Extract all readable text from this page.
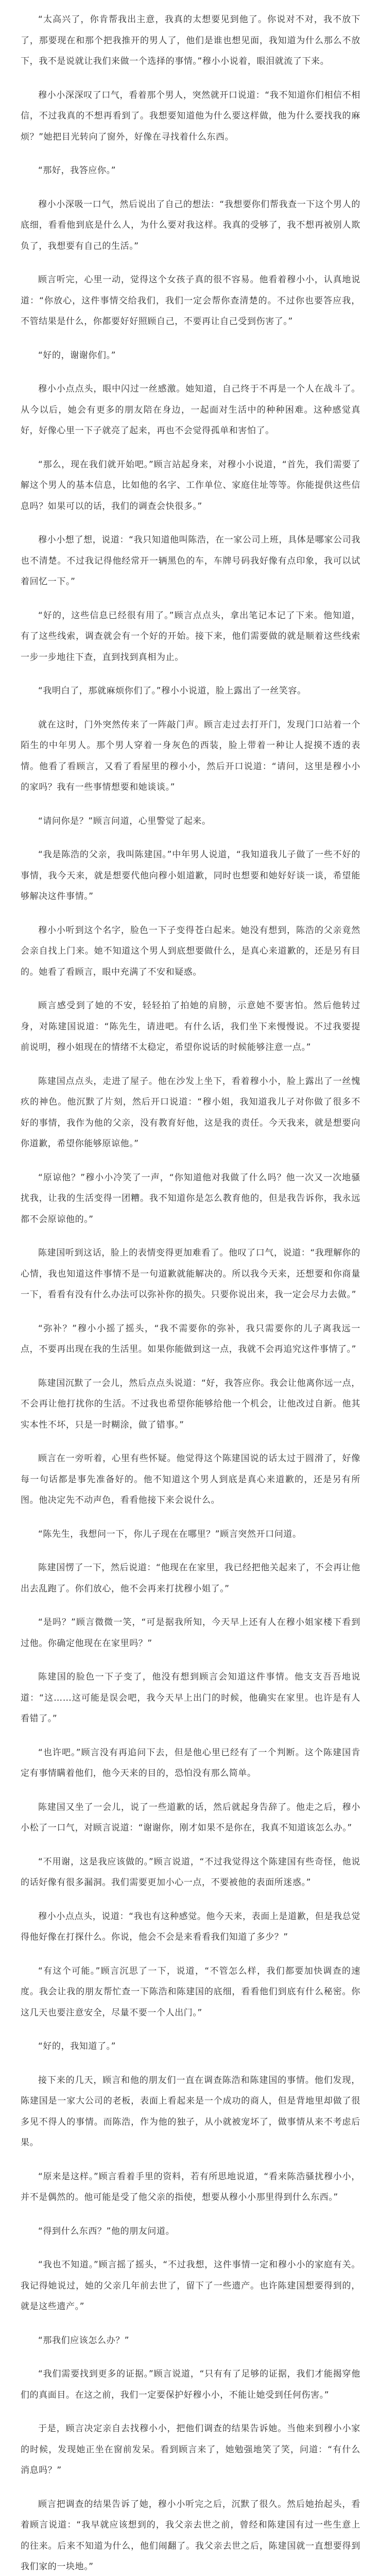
“太高兴了，你肯帮我出主意，我真的太想要见到他了。你说对不对，我不放下了，那要现在和那个把我推开的男人了，他们是谁也想见面，我知道为什么那么不放下，我不是说就让我们来做一个选择的事情。”穆小小说着，眼泪就流了下来。

穆小小深深叹了口气，看着那个男人，突然就开口说道：“我不知道你们相信不相信，不过我真的不想再看到了。我想要知道他为什么要这样做，他为什么要找我的麻烦？”她把目光转向了窗外，好像在寻找着什么东西。

“那好，我答应你。”

穆小小深吸一口气，然后说出了自己的想法：“我想要你们帮我查一下这个男人的底细，看看他到底是什么人，为什么要对我这样。我真的受够了，我不想再被别人欺负了，我想要有自己的生活。”

顾言听完，心里一动，觉得这个女孩子真的很不容易。他看着穆小小，认真地说道：“你放心，这件事情交给我们，我们一定会帮你查清楚的。不过你也要答应我，不管结果是什么，你都要好好照顾自己，不要再让自己受到伤害了。”

“好的，谢谢你们。”

穆小小点点头，眼中闪过一丝感激。她知道，自己终于不再是一个人在战斗了。从今以后，她会有更多的朋友陪在身边，一起面对生活中的种种困难。这种感觉真好，好像心里一下子就亮了起来，再也不会觉得孤单和害怕了。

“那么，现在我们就开始吧。”顾言站起身来，对穆小小说道，“首先，我们需要了解这个男人的基本信息，比如他的名字、工作单位、家庭住址等等。你能提供这些信息吗？如果可以的话，我们的调查会快很多。”

穆小小想了想，说道：“我只知道他叫陈浩，在一家公司上班，具体是哪家公司我也不清楚。不过我记得他经常开一辆黑色的车，车牌号码我好像有点印象，我可以试着回忆一下。”

“好的，这些信息已经很有用了。”顾言点点头，拿出笔记本记了下来。他知道，有了这些线索，调查就会有一个好的开始。接下来，他们需要做的就是顺着这些线索一步一步地往下查，直到找到真相为止。

“我明白了，那就麻烦你们了。”穆小小说道，脸上露出了一丝笑容。

就在这时，门外突然传来了一阵敲门声。顾言走过去打开门，发现门口站着一个陌生的中年男人。那个男人穿着一身灰色的西装，脸上带着一种让人捉摸不透的表情。他看了看顾言，又看了看屋里的穆小小，然后开口说道：“请问，这里是穆小小的家吗？我有一些事情想要和她谈谈。”

“请问你是？”顾言问道，心里警觉了起来。

“我是陈浩的父亲，我叫陈建国。”中年男人说道，“我知道我儿子做了一些不好的事情，我今天来，就是想要代他向穆小姐道歉，同时也想要和她好好谈一谈，希望能够解决这件事情。”

穆小小听到这个名字，脸色一下子变得苍白起来。她没有想到，陈浩的父亲竟然会亲自找上门来。她不知道这个男人到底想要做什么，是真心来道歉的，还是另有目的。她看了看顾言，眼中充满了不安和疑惑。

顾言感受到了她的不安，轻轻拍了拍她的肩膀，示意她不要害怕。然后他转过身，对陈建国说道：“陈先生，请进吧。有什么话，我们坐下来慢慢说。不过我要提前说明，穆小姐现在的情绪不太稳定，希望你说话的时候能够注意一点。”

陈建国点点头，走进了屋子。他在沙发上坐下，看着穆小小，脸上露出了一丝愧疚的神色。他沉默了片刻，然后开口说道：“穆小姐，我知道我儿子对你做了很多不好的事情，我作为他的父亲，没有教育好他，这是我的责任。今天我来，就是想要向你道歉，希望你能够原谅他。”

“原谅他？”穆小小冷笑了一声，“你知道他对我做了什么吗？他一次又一次地骚扰我，让我的生活变得一团糟。我不知道你是怎么教育他的，但是我告诉你，我永远都不会原谅他的。”

陈建国听到这话，脸上的表情变得更加难看了。他叹了口气，说道：“我理解你的心情，我也知道这件事情不是一句道歉就能解决的。所以我今天来，还想要和你商量一下，看看有没有什么办法可以弥补你的损失。只要你说出来，我一定会尽力去做。”

“弥补？”穆小小摇了摇头，“我不需要你的弥补，我只需要你的儿子离我远一点，不要再出现在我的生活里。如果你能做到这一点，我就不会再追究这件事情了。”

陈建国沉默了一会儿，然后点点头说道：“好，我答应你。我会让他离你远一点，不会再让他打扰你的生活。不过我也希望你能够给他一个机会，让他改过自新。他其实本性不坏，只是一时糊涂，做了错事。”

顾言在一旁听着，心里有些怀疑。他觉得这个陈建国说的话太过于圆滑了，好像每一句话都是事先准备好的。他不知道这个男人到底是真心来道歉的，还是另有所图。他决定先不动声色，看看他接下来会说什么。

“陈先生，我想问一下，你儿子现在在哪里？”顾言突然开口问道。

陈建国愣了一下，然后说道：“他现在在家里，我已经把他关起来了，不会再让他出去乱跑了。你们放心，他不会再来打扰穆小姐了。”

“是吗？”顾言微微一笑，“可是据我所知，今天早上还有人在穆小姐家楼下看到过他。你确定他现在在家里吗？”

陈建国的脸色一下子变了，他没有想到顾言会知道这件事情。他支支吾吾地说道：“这……这可能是误会吧，我今天早上出门的时候，他确实在家里。也许是有人看错了。”

“也许吧。”顾言没有再追问下去，但是他心里已经有了一个判断。这个陈建国肯定有事情瞒着他们，他今天来的目的，恐怕没有那么简单。

陈建国又坐了一会儿，说了一些道歉的话，然后就起身告辞了。他走之后，穆小小松了一口气，对顾言说道：“谢谢你，刚才如果不是你在，我真不知道该怎么办。”

“不用谢，这是我应该做的。”顾言说道，“不过我觉得这个陈建国有些奇怪，他说的话好像有很多漏洞。我们需要更加小心一点，不要被他的表面所迷惑。”

穆小小点点头，说道：“我也有这种感觉。他今天来，表面上是道歉，但是我总觉得他好像在打探什么。你说，他会不会是来看看我们知道了多少？”

“有这个可能。”顾言沉思了一下，说道，“不管怎么样，我们都要加快调查的速度。我会让我的朋友帮忙查一下陈浩和陈建国的底细，看看他们到底有什么秘密。你这几天也要注意安全，尽量不要一个人出门。”

“好的，我知道了。”

接下来的几天，顾言和他的朋友们一直在调查陈浩和陈建国的事情。他们发现，陈建国是一家大公司的老板，表面上看起来是一个成功的商人，但是背地里却做了很多见不得人的事情。而陈浩，作为他的独子，从小就被宠坏了，做事情从来不考虑后果。

“原来是这样。”顾言看着手里的资料，若有所思地说道，“看来陈浩骚扰穆小小，并不是偶然的。他可能是受了他父亲的指使，想要从穆小小那里得到什么东西。”

“得到什么东西？”他的朋友问道。

“我也不知道。”顾言摇了摇头，“不过我想，这件事情一定和穆小小的家庭有关。我记得她说过，她的父亲几年前去世了，留下了一些遗产。也许陈建国想要得到的，就是这些遗产。”

“那我们应该怎么办？”

“我们需要找到更多的证据。”顾言说道，“只有有了足够的证据，我们才能揭穿他们的真面目。在这之前，我们一定要保护好穆小小，不能让她受到任何伤害。”

于是，顾言决定亲自去找穆小小，把他们调查的结果告诉她。当他来到穆小小家的时候，发现她正坐在窗前发呆。看到顾言来了，她勉强地笑了笑，问道：“有什么消息吗？”

顾言把调查的结果告诉了她，穆小小听完之后，沉默了很久。然后她抬起头，看着顾言说道：“我早就应该想到的，我父亲去世之前，曾经和陈建国有过一些生意上的往来。后来不知道为什么，他们闹翻了。我父亲去世之后，陈建国就一直想要得到我们家的一块地。”
